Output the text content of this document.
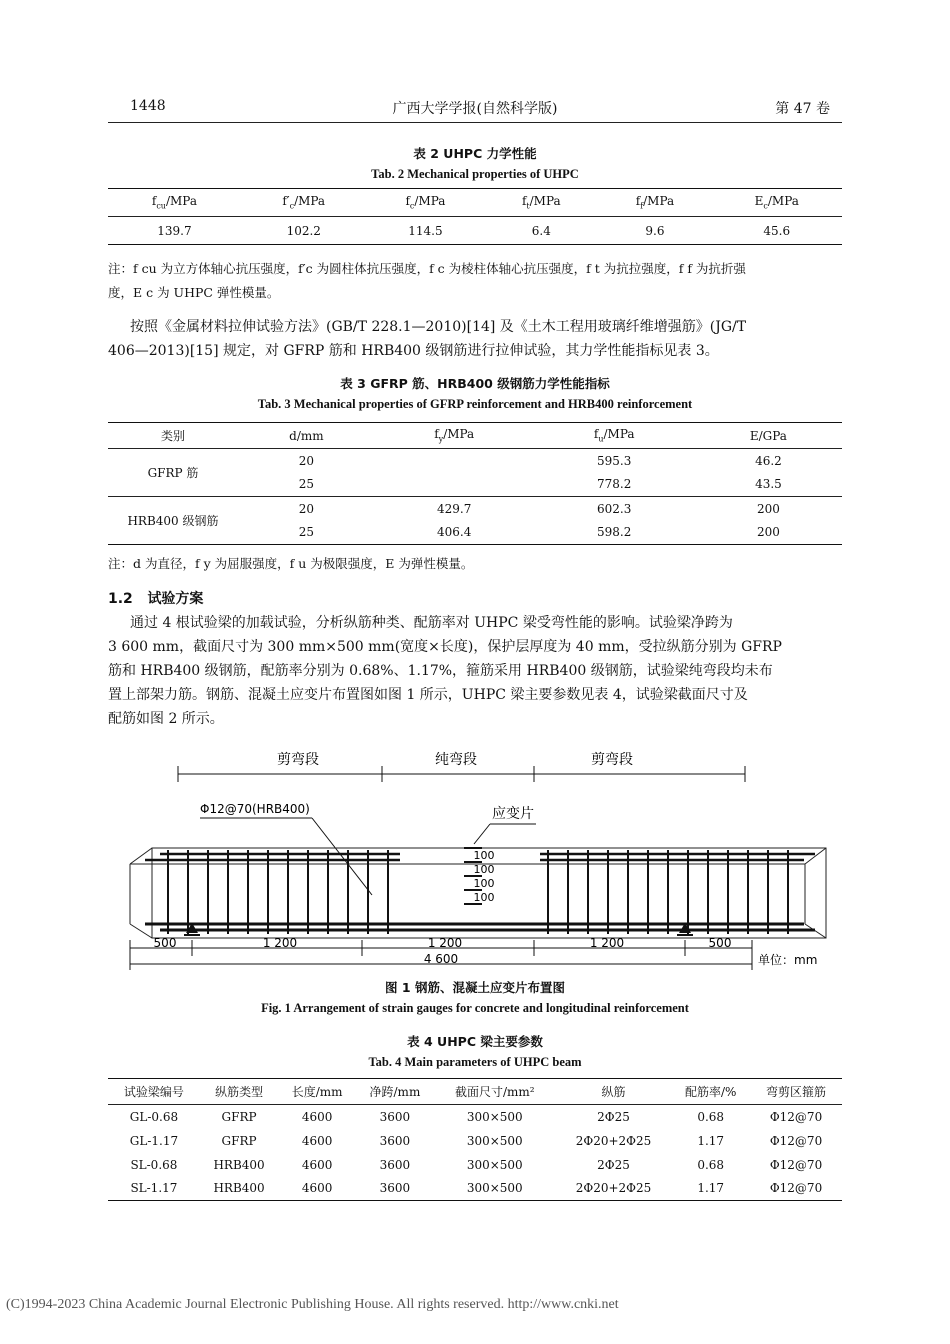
1448	广西大学学报(自然科学版)	第 47 卷
表 2 UHPC 力学性能
Tab. 2 Mechanical properties of UHPC
$f_{cu}$/MPa	$f'_c$/MPa	$f_c$/MPa	$f_t$/MPa	$f_f$/MPa	$E_c$/MPa
139.7	102.2	114.5	6.4	9.6	45.6
注：f cu 为立方体轴心抗压强度，f′c 为圆柱体抗压强度，f c 为棱柱体轴心抗压强度，f t 为抗拉强度，f f 为抗折强
度，E c 为 UHPC 弹性模量。
按照《金属材料拉伸试验方法》(GB/T 228.1—2010)[14] 及《土木工程用玻璃纤维增强筋》(JG/T
406—2013)[15] 规定，对 GFRP 筋和 HRB400 级钢筋进行拉伸试验，其力学性能指标见表 3。
表 3 GFRP 筋、HRB400 级钢筋力学性能指标
Tab. 3 Mechanical properties of GFRP reinforcement and HRB400 reinforcement
类别	d/mm	$f_y$/MPa	$f_u$/MPa	E/GPa
GFRP 筋	20		595.3	46.2
	25		778.2	43.5
HRB400 级钢筋	20	429.7	602.3	200
	25	406.4	598.2	200
注：d 为直径，f y 为屈服强度，f u 为极限强度，E 为弹性模量。
1.2 试验方案
通过 4 根试验梁的加载试验，分析纵筋种类、配筋率对 UHPC 梁受弯性能的影响。试验梁净跨为
3 600 mm，截面尺寸为 300 mm×500 mm(宽度×长度)，保护层厚度为 40 mm，受拉纵筋分别为 GFRP
筋和 HRB400 级钢筋，配筋率分别为 0.68%、1.17%，箍筋采用 HRB400 级钢筋，试验梁纯弯段均未布
置上部架力筋。钢筋、混凝土应变片布置图如图 1 所示，UHPC 梁主要参数见表 4，试验梁截面尺寸及
配筋如图 2 所示。
剪弯段	纯弯段	剪弯段
Φ12@70(HRB400)	应变片
100
100
100
100
500	1 200	1 200	1 200	500
4 600	单位：mm
图 1 钢筋、混凝土应变片布置图
Fig. 1 Arrangement of strain gauges for concrete and longitudinal reinforcement
表 4 UHPC 梁主要参数
Tab. 4 Main parameters of UHPC beam
试验梁编号	纵筋类型	长度/mm	净跨/mm	截面尺寸/mm²	纵筋	配筋率/%	弯剪区箍筋
GL-0.68	GFRP	4600	3600	300×500	2Φ25	0.68	Φ12@70
GL-1.17	GFRP	4600	3600	300×500	2Φ20+2Φ25	1.17	Φ12@70
SL-0.68	HRB400	4600	3600	300×500	2Φ25	0.68	Φ12@70
SL-1.17	HRB400	4600	3600	300×500	2Φ20+2Φ25	1.17	Φ12@70
(C)1994-2023 China Academic Journal Electronic Publishing House. All rights reserved. http://www.cnki.net
